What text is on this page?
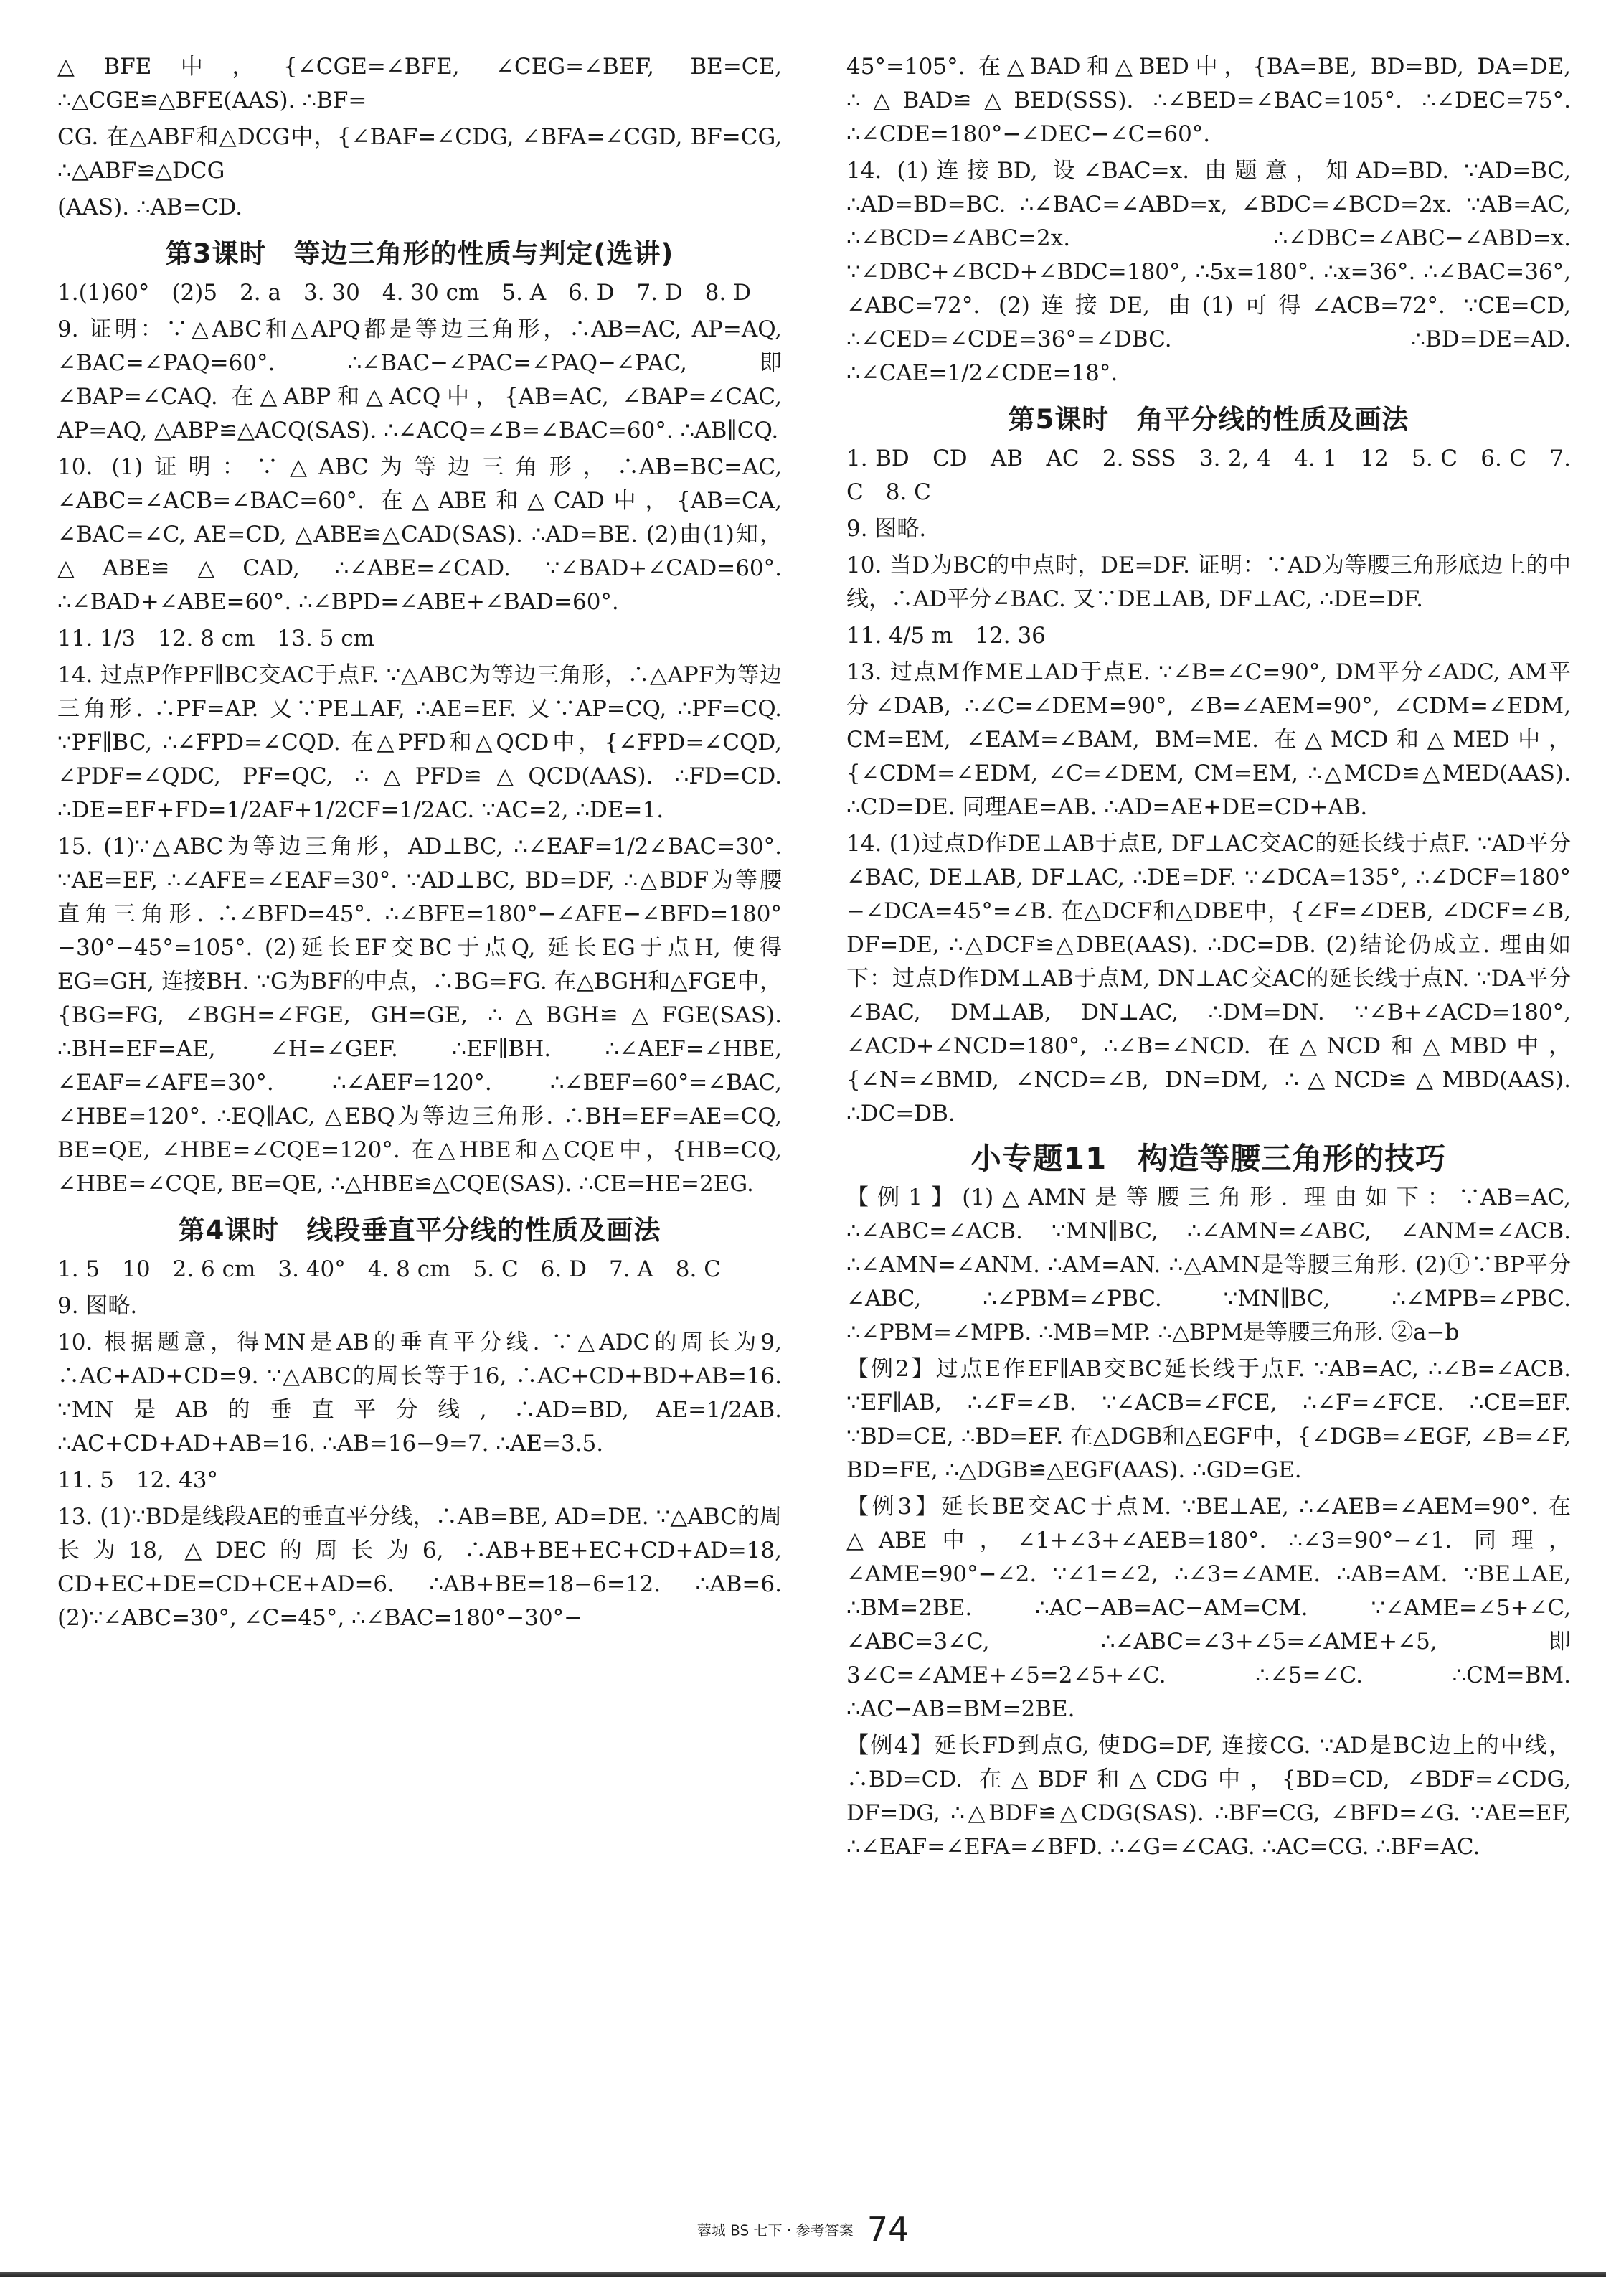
△BFE中，{∠CGE=∠BFE, ∠CEG=∠BEF, BE=CE, ∴△CGE≌△BFE(AAS). ∴BF=
CG. 在△ABF和△DCG中，{∠BAF=∠CDG, ∠BFA=∠CGD, BF=CG, ∴△ABF≌△DCG
(AAS). ∴AB=CD.
第3课时　等边三角形的性质与判定(选讲)
1.(1)60°　(2)5　2. a　3. 30　4. 30 cm　5. A　6. D　7. D　8. D
9. 证明：∵△ABC和△APQ都是等边三角形，∴AB=AC, AP=AQ, ∠BAC=∠PAQ=60°. ∴∠BAC−∠PAC=∠PAQ−∠PAC, 即∠BAP=∠CAQ. 在△ABP和△ACQ中，{AB=AC, ∠BAP=∠CAC, AP=AQ, △ABP≌△ACQ(SAS). ∴∠ACQ=∠B=∠BAC=60°. ∴AB∥CQ.
10. (1)证明：∵△ABC为等边三角形，∴AB=BC=AC, ∠ABC=∠ACB=∠BAC=60°. 在△ABE和△CAD中，{AB=CA, ∠BAC=∠C, AE=CD, △ABE≌△CAD(SAS). ∴AD=BE. (2)由(1)知，△ABE≌△CAD, ∴∠ABE=∠CAD. ∵∠BAD+∠CAD=60°. ∴∠BAD+∠ABE=60°. ∴∠BPD=∠ABE+∠BAD=60°.
11. 1/3　12. 8 cm　13. 5 cm
14. 过点P作PF∥BC交AC于点F. ∵△ABC为等边三角形，∴△APF为等边三角形. ∴PF=AP. 又∵PE⊥AF, ∴AE=EF. 又∵AP=CQ, ∴PF=CQ. ∵PF∥BC, ∴∠FPD=∠CQD. 在△PFD和△QCD中，{∠FPD=∠CQD, ∠PDF=∠QDC, PF=QC, ∴△PFD≌△QCD(AAS). ∴FD=CD. ∴DE=EF+FD=1/2AF+1/2CF=1/2AC. ∵AC=2, ∴DE=1.
15. (1)∵△ABC为等边三角形，AD⊥BC, ∴∠EAF=1/2∠BAC=30°. ∵AE=EF, ∴∠AFE=∠EAF=30°. ∵AD⊥BC, BD=DF, ∴△BDF为等腰直角三角形. ∴∠BFD=45°. ∴∠BFE=180°−∠AFE−∠BFD=180°−30°−45°=105°. (2)延长EF交BC于点Q, 延长EG于点H, 使得EG=GH, 连接BH. ∵G为BF的中点，∴BG=FG. 在△BGH和△FGE中，{BG=FG, ∠BGH=∠FGE, GH=GE, ∴△BGH≌△FGE(SAS). ∴BH=EF=AE, ∠H=∠GEF. ∴EF∥BH. ∴∠AEF=∠HBE, ∠EAF=∠AFE=30°. ∴∠AEF=120°. ∴∠BEF=60°=∠BAC, ∠HBE=120°. ∴EQ∥AC, △EBQ为等边三角形. ∴BH=EF=AE=CQ, BE=QE, ∠HBE=∠CQE=120°. 在△HBE和△CQE中，{HB=CQ, ∠HBE=∠CQE, BE=QE, ∴△HBE≌△CQE(SAS). ∴CE=HE=2EG.
第4课时　线段垂直平分线的性质及画法
1. 5　10　2. 6 cm　3. 40°　4. 8 cm　5. C　6. D　7. A　8. C
9. 图略.
10. 根据题意，得MN是AB的垂直平分线. ∵△ADC的周长为9, ∴AC+AD+CD=9. ∵△ABC的周长等于16, ∴AC+CD+BD+AB=16. ∵MN是AB的垂直平分线, ∴AD=BD, AE=1/2AB. ∴AC+CD+AD+AB=16. ∴AB=16−9=7. ∴AE=3.5.
11. 5　12. 43°
13. (1)∵BD是线段AE的垂直平分线，∴AB=BE, AD=DE. ∵△ABC的周长为18, △DEC的周长为6, ∴AB+BE+EC+CD+AD=18, CD+EC+DE=CD+CE+AD=6. ∴AB+BE=18−6=12. ∴AB=6. (2)∵∠ABC=30°, ∠C=45°, ∴∠BAC=180°−30°−
45°=105°. 在△BAD和△BED中，{BA=BE, BD=BD, DA=DE, ∴△BAD≌△BED(SSS). ∴∠BED=∠BAC=105°. ∴∠DEC=75°. ∴∠CDE=180°−∠DEC−∠C=60°.
14. (1)连接BD, 设∠BAC=x. 由题意，知AD=BD. ∵AD=BC, ∴AD=BD=BC. ∴∠BAC=∠ABD=x, ∠BDC=∠BCD=2x. ∵AB=AC, ∴∠BCD=∠ABC=2x. ∴∠DBC=∠ABC−∠ABD=x. ∵∠DBC+∠BCD+∠BDC=180°, ∴5x=180°. ∴x=36°. ∴∠BAC=36°, ∠ABC=72°. (2)连接DE, 由(1)可得∠ACB=72°. ∵CE=CD, ∴∠CED=∠CDE=36°=∠DBC. ∴BD=DE=AD. ∴∠CAE=1/2∠CDE=18°.
第5课时　角平分线的性质及画法
1. BD　CD　AB　AC　2. SSS　3. 2, 4　4. 1　12　5. C　6. C　7. C　8. C
9. 图略.
10. 当D为BC的中点时，DE=DF. 证明：∵AD为等腰三角形底边上的中线，∴AD平分∠BAC. 又∵DE⊥AB, DF⊥AC, ∴DE=DF.
11. 4/5 m　12. 36
13. 过点M作ME⊥AD于点E. ∵∠B=∠C=90°, DM平分∠ADC, AM平分∠DAB, ∴∠C=∠DEM=90°, ∠B=∠AEM=90°, ∠CDM=∠EDM, CM=EM, ∠EAM=∠BAM, BM=ME. 在△MCD和△MED中，{∠CDM=∠EDM, ∠C=∠DEM, CM=EM, ∴△MCD≌△MED(AAS). ∴CD=DE. 同理AE=AB. ∴AD=AE+DE=CD+AB.
14. (1)过点D作DE⊥AB于点E, DF⊥AC交AC的延长线于点F. ∵AD平分∠BAC, DE⊥AB, DF⊥AC, ∴DE=DF. ∵∠DCA=135°, ∴∠DCF=180°−∠DCA=45°=∠B. 在△DCF和△DBE中，{∠F=∠DEB, ∠DCF=∠B, DF=DE, ∴△DCF≌△DBE(AAS). ∴DC=DB. (2)结论仍成立. 理由如下：过点D作DM⊥AB于点M, DN⊥AC交AC的延长线于点N. ∵DA平分∠BAC, DM⊥AB, DN⊥AC, ∴DM=DN. ∵∠B+∠ACD=180°, ∠ACD+∠NCD=180°, ∴∠B=∠NCD. 在△NCD和△MBD中，{∠N=∠BMD, ∠NCD=∠B, DN=DM, ∴△NCD≌△MBD(AAS). ∴DC=DB.
小专题11　构造等腰三角形的技巧
【例1】(1)△AMN是等腰三角形. 理由如下：∵AB=AC, ∴∠ABC=∠ACB. ∵MN∥BC, ∴∠AMN=∠ABC, ∠ANM=∠ACB. ∴∠AMN=∠ANM. ∴AM=AN. ∴△AMN是等腰三角形. (2)①∵BP平分∠ABC, ∴∠PBM=∠PBC. ∵MN∥BC, ∴∠MPB=∠PBC. ∴∠PBM=∠MPB. ∴MB=MP. ∴△BPM是等腰三角形. ②a−b
【例2】过点E作EF∥AB交BC延长线于点F. ∵AB=AC, ∴∠B=∠ACB. ∵EF∥AB, ∴∠F=∠B. ∵∠ACB=∠FCE, ∴∠F=∠FCE. ∴CE=EF. ∵BD=CE, ∴BD=EF. 在△DGB和△EGF中，{∠DGB=∠EGF, ∠B=∠F, BD=FE, ∴△DGB≌△EGF(AAS). ∴GD=GE.
【例3】延长BE交AC于点M. ∵BE⊥AE, ∴∠AEB=∠AEM=90°. 在△ABE中，∠1+∠3+∠AEB=180°. ∴∠3=90°−∠1. 同理，∠AME=90°−∠2. ∵∠1=∠2, ∴∠3=∠AME. ∴AB=AM. ∵BE⊥AE, ∴BM=2BE. ∴AC−AB=AC−AM=CM. ∵∠AME=∠5+∠C, ∠ABC=3∠C, ∴∠ABC=∠3+∠5=∠AME+∠5, 即3∠C=∠AME+∠5=2∠5+∠C. ∴∠5=∠C. ∴CM=BM. ∴AC−AB=BM=2BE.
【例4】延长FD到点G, 使DG=DF, 连接CG. ∵AD是BC边上的中线，∴BD=CD. 在△BDF和△CDG中，{BD=CD, ∠BDF=∠CDG, DF=DG, ∴△BDF≌△CDG(SAS). ∴BF=CG, ∠BFD=∠G. ∵AE=EF, ∴∠EAF=∠EFA=∠BFD. ∴∠G=∠CAG. ∴AC=CG. ∴BF=AC.
蓉城 BS 七下 · 参考答案 74
